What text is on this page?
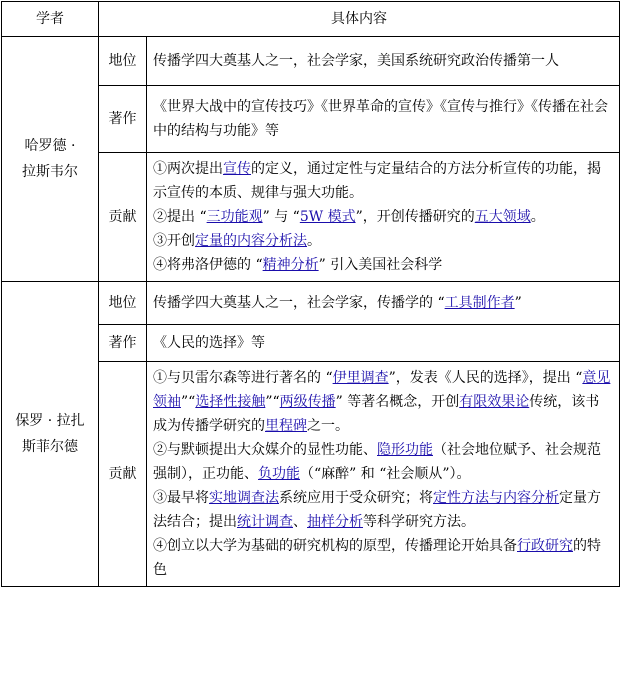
学者	具体内容	
哈罗德 ·
拉斯韦尔	地位	传播学四大奠基人之一，社会学家，美国系统研究政治传播第一人
	著作	《世界大战中的宣传技巧》《世界革命的宣传》《宣传与推行》《传播在社会中的结构与功能》等
	贡献	①两次提出宣传的定义，通过定性与定量结合的方法分析宣传的功能，揭示宣传的本质、规律与强大功能。

②提出 “三功能观” 与 “5W 模式”，开创传播研究的五大领域。

③开创定量的内容分析法。

④将弗洛伊德的 “精神分析” 引入美国社会科学

保罗 · 拉扎
斯菲尔德	地位	传播学四大奠基人之一，社会学家，传播学的 “工具制作者”

	著作	《人民的选择》等
	贡献	①与贝雷尔森等进行著名的 “伊里调查”，发表《人民的选择》，提出 “意见领袖”“选择性接触”“两级传播” 等著名概念，开创有限效果论传统，该书成为传播学研究的里程碑之一。

②与默顿提出大众媒介的显性功能、隐形功能（社会地位赋予、社会规范强制），正功能、负功能（“麻醉” 和 “社会顺从”）。

③最早将实地调查法系统应用于受众研究；将定性方法与内容分析定量方法结合；提出统计调查、抽样分析等科学研究方法。

④创立以大学为基础的研究机构的原型，传播理论开始具备行政研究的特色
